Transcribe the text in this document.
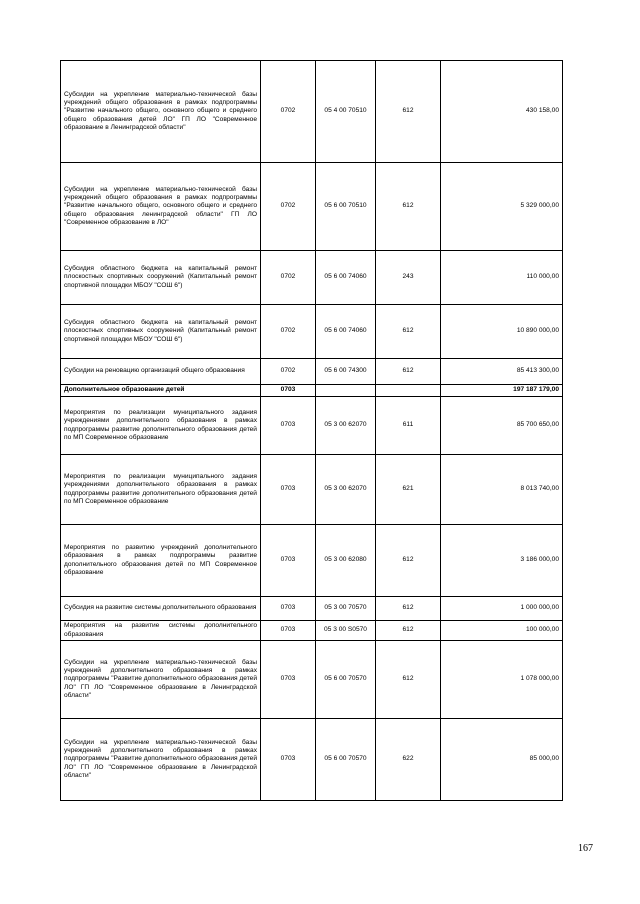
Субсидии на укрепление материально-технической базы учреждений общего образования в рамках подпрограммы "Развитие начального общего, основного общего и среднего общего образования детей ЛО" ГП ЛО "Современное образование в Ленинградской области"	0702	05 4 00 70510	612	430 158,00
Субсидии на укрепление материально-технической базы учреждений общего образования в рамках подпрограммы "Развитие начального общего, основного общего и среднего общего образования ленинградской области" ГП ЛО "Современное образование в ЛО"	0702	05 6 00 70510	612	5 329 000,00
Субсидия областного бюджета на капитальный ремонт плоскостных спортивных сооружений (Капитальный ремонт спортивной площадки МБОУ "СОШ 6")	0702	05 6 00 74060	243	110 000,00
Субсидия областного бюджета на капитальный ремонт плоскостных спортивных сооружений (Капитальный ремонт спортивной площадки МБОУ "СОШ 6")	0702	05 6 00 74060	612	10 890 000,00
Субсидии на реновацию организаций общего образования	0702	05 6 00 74300	612	85 413 300,00
Дополнительное образование детей	0703			197 187 179,00
Мероприятия по реализации муниципального задания учреждениями дополнительного образования в рамках подпрограммы развитие дополнительного образования детей по МП Современное образование	0703	05 3 00 62070	611	85 700 650,00
Мероприятия по реализации муниципального задания учреждениями дополнительного образования в рамках подпрограммы развитие дополнительного образования детей по МП Современное образование	0703	05 3 00 62070	621	8 013 740,00
Мероприятия по развитию учреждений дополнительного образования в рамках подпрограммы развитие дополнительного образования детей по МП Современное образование	0703	05 3 00 62080	612	3 186 000,00
Субсидия на развитие системы дополнительного образования	0703	05 3 00 70570	612	1 000 000,00
Мероприятия на развитие системы дополнительного образования	0703	05 3 00 S0570	612	100 000,00
Субсидии на укрепление материально-технической базы учреждений дополнительного образования в рамках подпрограммы "Развитие дополнительного образования детей ЛО" ГП ЛО "Современное образование в Ленинградской области"	0703	05 6 00 70570	612	1 078 000,00
Субсидии на укрепление материально-технической базы учреждений дополнительного образования в рамках подпрограммы "Развитие дополнительного образования детей ЛО" ГП ЛО "Современное образование в Ленинградской области"	0703	05 6 00 70570	622	85 000,00
167
